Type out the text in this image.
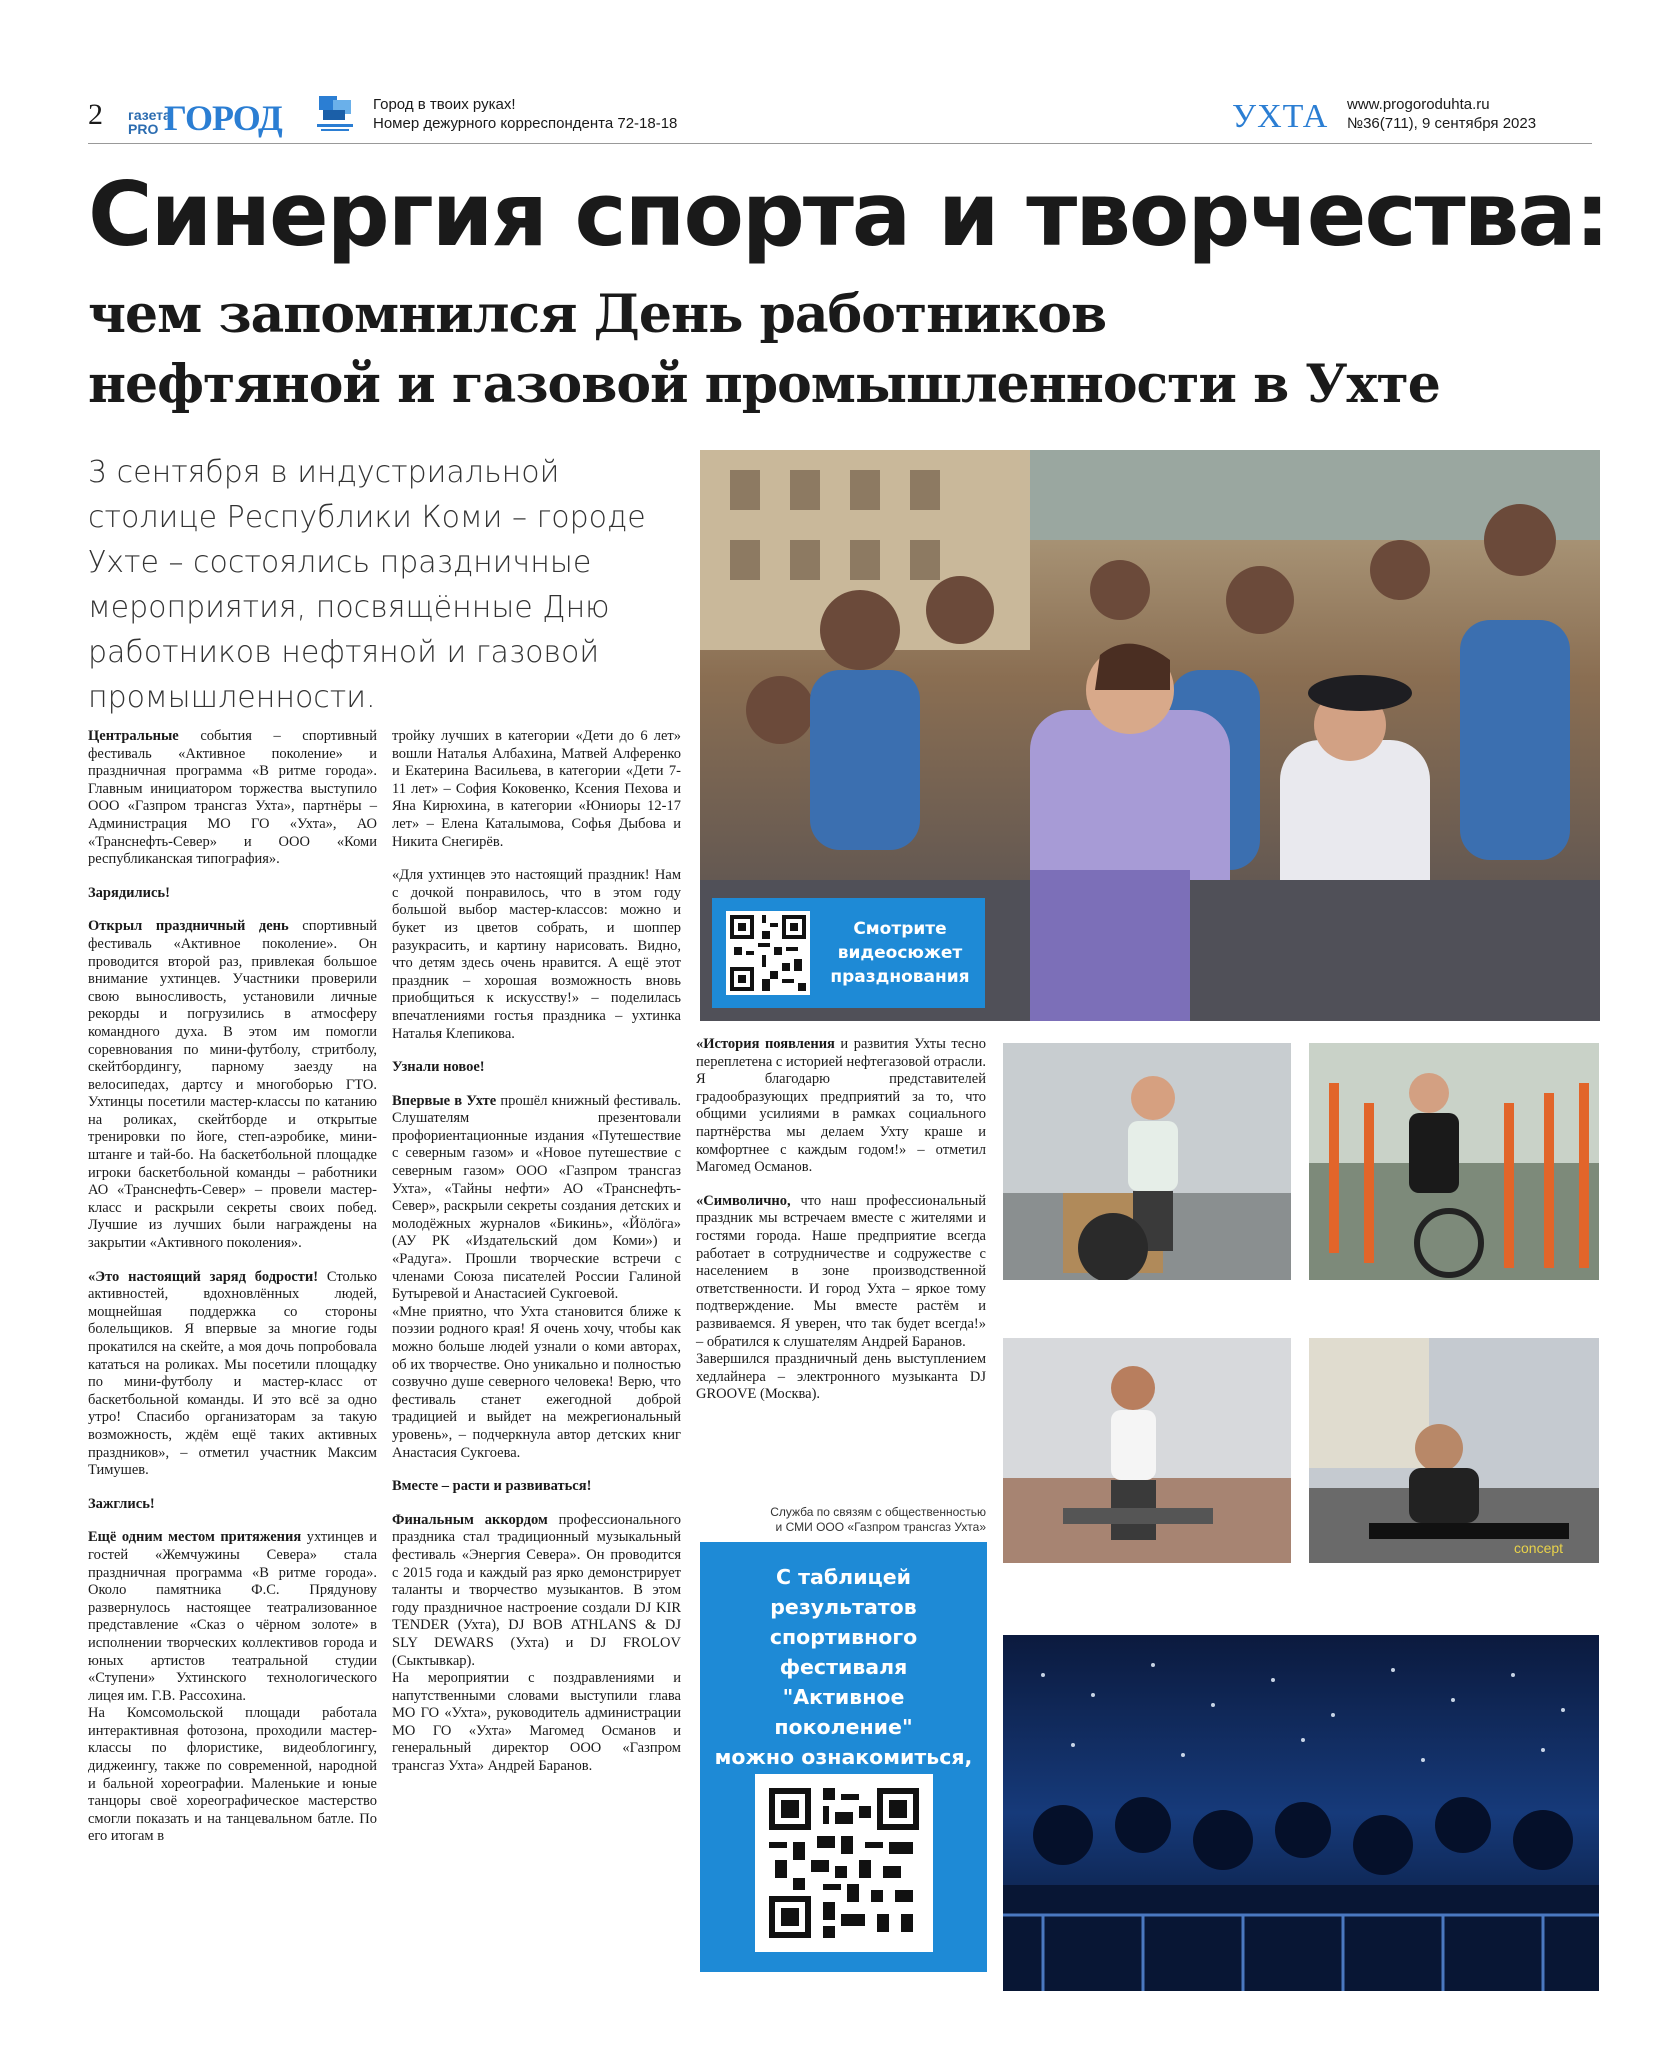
2 газета PRO ГОРОД	Город в твоих руках!
Номер дежурного корреспондента 72-18-18	УХТА www.progoroduhta.ru
№36(711), 9 сентября 2023
Синергия спорта и творчества:
чем запомнился День работников
нефтяной и газовой промышленности в Ухте
3 сентября в индустриальной столице Республики Коми – городе Ухте – состоялись праздничные мероприятия, посвящённые Дню работников нефтяной и газовой промышленности.

Центральные события – спортивный фестиваль «Активное поколение» и праздничная программа «В ритме города». Главным инициатором торжества выступило ООО «Газпром трансгаз Ухта», партнёры – Администрация МО ГО «Ухта», АО «Транснефть-Север» и ООО «Коми республиканская типография».

Зарядились!

Открыл праздничный день спортивный фестиваль «Активное поколение». Он проводится второй раз, привлекая большое внимание ухтинцев. Участники проверили свою выносливость, установили личные рекорды и погрузились в атмосферу командного духа. В этом им помогли соревнования по мини-футболу, стритболу, скейтбордингу, парному заезду на велосипедах, дартсу и многоборью ГТО. Ухтинцы посетили мастер-классы по катанию на роликах, скейтборде и открытые тренировки по йоге, степ-аэробике, мини-штанге и тай-бо. На баскетбольной площадке игроки баскетбольной команды – работники АО «Транснефть-Север» – провели мастер-класс и раскрыли секреты своих побед. Лучшие из лучших были награждены на закрытии «Активного поколения».

«Это настоящий заряд бодрости! Столько активностей, вдохновлённых людей, мощнейшая поддержка со стороны болельщиков. Я впервые за многие годы прокатился на скейте, а моя дочь попробовала кататься на роликах. Мы посетили площадку по мини-футболу и мастер-класс от баскетбольной команды. И это всё за одно утро! Спасибо организаторам за такую возможность, ждём ещё таких активных праздников», – отметил участник Максим Тимушев.

Зажглись!

Ещё одним местом притяжения ухтинцев и гостей «Жемчужины Севера» стала праздничная программа «В ритме города». Около памятника Ф.С. Прядунову развернулось настоящее театрализованное представление «Сказ о чёрном золоте» в исполнении творческих коллективов города и юных артистов театральной студии «Ступени» Ухтинского технологического лицея им. Г.В. Рассохина.

На Комсомольской площади работала интерактивная фотозона, проходили мастер-классы по флористике, видеоблогингу, диджеингу, также по современной, народной и бальной хореографии. Маленькие и юные танцоры своё хореографическое мастерство смогли показать и на танцевальном батле. По его итогам в

тройку лучших в категории «Дети до 6 лет» вошли Наталья Албахина, Матвей Алференко и Екатерина Васильева, в категории «Дети 7-11 лет» – София Коковенко, Ксения Пехова и Яна Кирюхина, в категории «Юниоры 12-17 лет» – Елена Каталымова, Софья Дыбова и Никита Снегирёв.

«Для ухтинцев это настоящий праздник! Нам с дочкой понравилось, что в этом году большой выбор мастер-классов: можно и букет из цветов собрать, и шоппер разукрасить, и картину нарисовать. Видно, что детям здесь очень нравится. А ещё этот праздник – хорошая возможность вновь приобщиться к искусству!» – поделилась впечатлениями гостья праздника – ухтинка Наталья Клепикова.

Узнали новое!

Впервые в Ухте прошёл книжный фестиваль. Слушателям презентовали профориентационные издания «Путешествие с северным газом» и «Новое путешествие с северным газом» ООО «Газпром трансгаз Ухта», «Тайны нефти» АО «Транснефть-Север», раскрыли секреты создания детских и молодёжных журналов «Бикинь», «Йӧлӧга» (АУ РК «Издательский дом Коми») и «Радуга». Прошли творческие встречи с членами Союза писателей России Галиной Бутыревой и Анастасией Сукгоевой.

«Мне приятно, что Ухта становится ближе к поэзии родного края! Я очень хочу, чтобы как можно больше людей узнали о коми авторах, об их творчестве. Оно уникально и полностью созвучно душе северного человека! Верю, что фестиваль станет ежегодной доброй традицией и выйдет на межрегиональный уровень», – подчеркнула автор детских книг Анастасия Сукгоева.

Вместе – расти и развиваться!

Финальным аккордом профессионального праздника стал традиционный музыкальный фестиваль «Энергия Севера». Он проводится с 2015 года и каждый раз ярко демонстрирует таланты и творчество музыкантов. В этом году праздничное настроение создали DJ KIR TENDER (Ухта), DJ BOB ATHLANS & DJ SLY DEWARS (Ухта) и DJ FROLOV (Сыктывкар).

На мероприятии с поздравлениями и напутственными словами выступили глава МО ГО «Ухта», руководитель администрации МО ГО «Ухта» Магомед Османов и генеральный директор ООО «Газпром трансгаз Ухта» Андрей Баранов.

«История появления и развития Ухты тесно переплетена с историей нефтегазовой отрасли. Я благодарю представителей градообразующих предприятий за то, что общими усилиями в рамках социального партнёрства мы делаем Ухту краше и комфортнее с каждым годом!» – отметил Магомед Османов.

«Символично, что наш профессиональный праздник мы встречаем вместе с жителями и гостями города. Наше предприятие всегда работает в сотрудничестве и содружестве с населением в зоне производственной ответственности. И город Ухта – яркое тому подтверждение. Мы вместе растём и развиваемся. Я уверен, что так будет всегда!» – обратился к слушателям Андрей Баранов.

Завершился праздничный день выступлением хедлайнера – электронного музыканта DJ GROOVE (Москва).

Служба по связям с общественностью
и СМИ ООО «Газпром трансгаз Ухта»
Смотрите
видеосюжет
празднования
concept
С таблицей результатов
спортивного фестиваля
"Активное поколение"
можно ознакомиться,
